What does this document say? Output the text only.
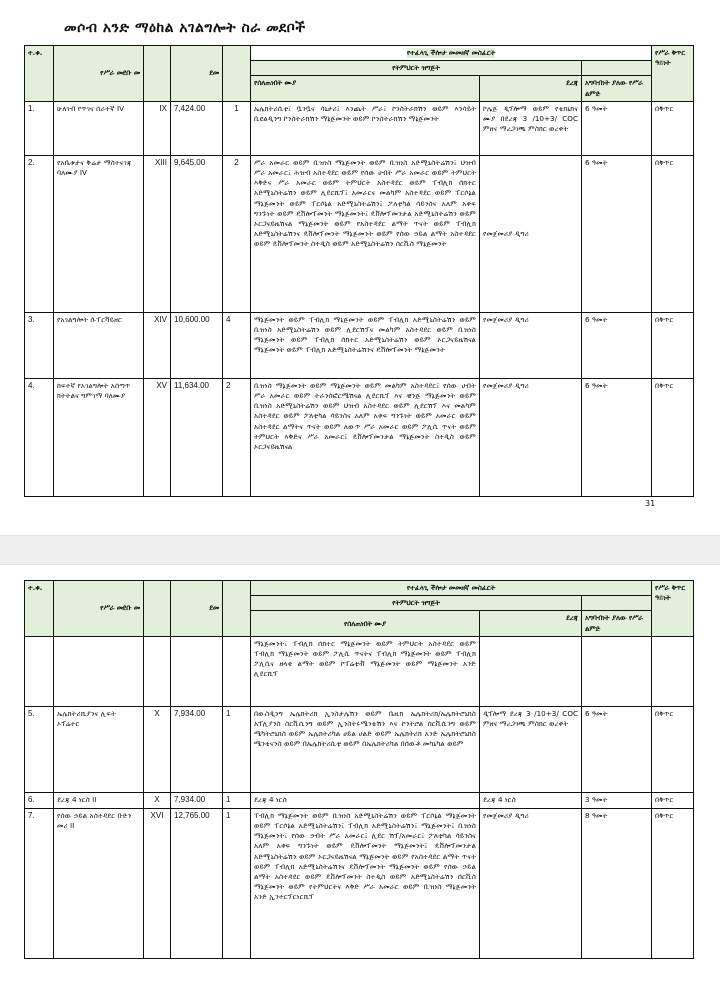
መሶብ አንድ ማዕከል አገልግሎት ስራ መደቦች
ተ.ቁ.	የሥራ መደቡ መ		ደመ		የተፈላጊ ችሎታ መመዘኛ መስፈርት			የሥራ ቅጥር ዓይነት
					የትምህርት ዝግጅት			
					የሰለጠነበት ሙያ	ደረጃ	አግባብነት ያለው የሥራ ልምድ	
1.	ሁለገብ የጥገና ሰራተኛ IV	IX	7,424.00	1	ኤሌክትሪሲቲ፤ ቧንቧና ሳኒታሪ፤ እንጨት ሥራ፤ ኮንስትራክሽን ወይም እንሳይት ቢዩልዲንግ ኮንስትራክሽን ማኔጅመንት ወይም ኮንስትራክሽን ማኔጅመንት	ኮሌጅ ዲፕሎማ ወይም የቴክኒክና ሙያ በደረጃ 3 /10+3/ COC ምዘና ማረጋገጫ ምስክር ወረቀት	6 ዓመት	በቅጥር
2.	የአቤቱታና ቅሬታ ማስተናገጃ ባለሙያ IV	XIII	9,645.00	2	ሥራ አመራር ወይም ቢዝነስ ማኔጅመንት ወይም ቢዝነስ አድሚኒስትሬሽን፤ ህዝብ ሥራ አመራር፤ ሕዝብ አስተዳደር ወይም የሰው ሀብት ሥራ አመራር ወይም ትምህርት እቅድና ሥራ አመራር ወይም ትምህርት አስተዳደር ወይም ፐብሊክ ሰክተር አድሚኒስትሬሽን ወይም ሊደርሺፕ፤ አመራርና መልካም አስተዳደር ወይም ፐርሶኔል ማኔጅመንት ወይም ፐርሶኔል አድሚኒስትሬሽን፤ ፖለቲካል ሳይንስና አለም አቀፍ ግንኙነት ወይም ዴቨሎፕመንት ማኔጅመንት፤ ዴቨሎፕመንታል አድሚኒስትሬሽን ወይም ኦርጋናይዜሽናል ማኔጅመንት ወይም የአስተዳደር ልማት ጥናት ወይም ፐብሊክ አድሚኒስትሬሽንና ዴቨሎፕመንት ማኔጅመንት ወይም የሰው ኃይል ልማት አስተዳደር ወይም ዴቨሎፕመንት ስተዲስ ወይም አድሚኒስትሬሽን ሰርቪስ ማኔጅመንት	የመጀመሪያ ዲግሪ	6 ዓመት	በቅጥር
3.	የአገልግሎት ሱፐርቫይዘር	XIV	10,600.00	4	ማኔጅመንት ወይም ፐብሊክ ማኔጅመንት ወይም ፐብሊክ አድሚኒስትሬሽን ወይም ቢዝነስ አድሚኒስትሬሽን ወይም ሊደርሽፕና መልካም አስተዳደር ወይም ቢዝነስ ማኔጅመንት ወይም ፐብሊክ ሰክተር አድሚኒስትሬሽን ወይም ኦርጋናይዜሽናል ማኔጅመንት ወይም ፐብሊክ አድሚኒስትሬሽንና ዴቨሎፕመንት ማኔጅመንት	የመጀመሪያ ዲግሪ	6 ዓመት	በቅጥር
4.	ከፍተኛ የአገልግሎት አሰጣጥ ክትትልና ግምገማ ባለሙያ	XV	11,634.00	2	ቢዝነስ ማኔጅመንት ወይም ማኔጅመንት ወይም መልካም አስተዳደር፤ የሰው ሀብት ሥራ አመራር ወይም ትራንስፎርሜሽናል ሊደርሺፕ እና ቼንጅ ማኔጅመንት ወይም ቢዝነስ አድሚኒስትሬሽን ወይም ህዝብ አስተዳደር ወይም ሊደርሽፕ እና መልካም አስተዳደር ወይም ፖለቲካል ሳይንስና አለም አቀፍ ግንኙነት ወይም አመራር ወይም አስተዳደር ልማትና ጥናት ወይም ለውጥ ሥራ አመራር ወይም ፖሊሲ ጥናት ወይም ትምህርት እቅድና ሥራ አመራር፤ ዴቨሎፕመንታል ማኔጅመንት ስተዲስ ወይም ኦርጋናይዜሽናል	የመጀመሪያ ዲግሪ	6 ዓመት	በቅጥር
31
ተ.ቁ.	የሥራ መደቡ መ		ደመ		የተፈላጊ ችሎታ መመዘኛ መስፈርት			የሥራ ቅጥር ዓይነት
					የትምህርት ዝግጅት			
					የሰለጠነበት ሙያ	ደረጃ	አግባብነት ያለው የሥራ ልምድ	
					ማኔጅመንት፤ ፐብሊክ ሰክተር ማኔጅመንት ወይም ትምህርት አስተዳደር ወይም ፐብሊክ ማኔጅመንት ወይም ፖሊሲ ጥናትና ፐብሊክ ማኔጅመንት ወይም ፐብሊክ ፖሊሲና ዘላቂ ልማት ወይም ኮፐሬቲቭ ማኔጅመንት ወይም ማኔጅመንት አንድ ሊደርሺፕ			
5.	ኤሌክትሪሺያንና ሊፍት ኦፕሬተር	X	7,934.00	1	በውስዲንግ ኤሌክትሪክ ኢንስታሌሽን ወይም ቤዚክ ኤሌክትሪክ/ኤሌክትሮኒክስ አፕሊያንስ ስርቪሲንግ ወይም ኢንስትሩሜንቴሽን እና ኮንትሮል ሰርቪሲንግ ወይም ሜካትሮኒክስ ወይም ኤሌክትሪካል ሀይል ሀልድ ወይም ኤሌክትሪክ አንድ ኤሌክትሮኒክስ ሜንቴናንስ ወይም በኤሌክትሪሲቲ ወይም በኤሌክትሪካል በሰውቶ መካኒካል ወይም	ዲፕሎማ ደረጃ 3 /10+3/ COC ምዘና ማረጋገጫ ምስክር ወረቀት	6 ዓመት	በቅጥር
6.	ደረጃ 4 ነርስ II	X	7,934.00	1	ደረጃ 4 ነርስ	ደረጃ 4 ነርስ	3 ዓመት	በቅጥር
7.	የሰው ኃይል አስተዳደር ቡድን መሪ II	XVI	12,765.00	1	ፐብሊክ ማኔጅመንት ወይም ቢዝነስ አድሚኒስትሬሽን ወይም ፐርሶኔል ማኔጅመንት ወይም ፐርሶኔል አድሚኒስትሬሽን፤ ፐብሊክ አድሚኒስትሬሽን፤ ማኔጅመንት፤ ቢዝነስ ማኔጅመንት፤ የሰው ኃብት ሥራ አመራር፤ ሊደር ሽፕ/አመራር፤ ፖለቲካል ሳይንስና አለም አቀፍ ግንኙነት ወይም ዴቨሎፕመንት ማኔጅመንት፤ ዴቨሎፕመንታል አድሚኒስትሬሽን ወይም ኦርጋናይዜሽናል ማኔጅመንት ወይም የአስተዳደር ልማት ጥናት ወይም ፐብሊክ አድሚኒስትሬሽንና ዴቨሎፕመንት ማኔጅመንት ወይም የሰው ኃይል ልማት አስተዳደር ወይም ዴቨሎፕመንት ስተዲስ ወይም አድሚኒስትሬሽን ሰርቪስ ማኔጅመንት ወይም የትምህርትና እቅድ ሥራ አመራር ወይም ቢዝነስ ማኔጅመንት አንድ ኢንተርፕርነርሺፕ	የመጀመሪያ ዲግሪ	8 ዓመት	በቅጥር
